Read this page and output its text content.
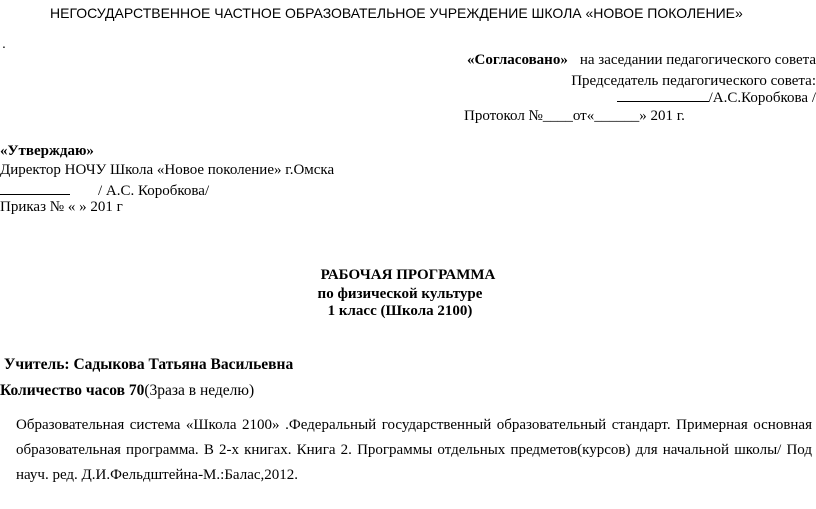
НЕГОСУДАРСТВЕННОЕ ЧАСТНОЕ ОБРАЗОВАТЕЛЬНОЕ УЧРЕЖДЕНИЕ ШКОЛА «НОВОЕ ПОКОЛЕНИЕ»
.
«Согласовано» на заседании педагогического совета
Председатель педагогического совета:
/А.С.Коробкова /
Протокол №____от«______» 201 г.
«Утверждаю»
Директор НОЧУ Школа «Новое поколение» г.Омска
/ А.С. Коробкова/
Приказ № « » 201 г
РАБОЧАЯ ПРОГРАММА
по физической культуре
1 класс (Школа 2100)
Учитель: Садыкова Татьяна Васильевна
Количество часов 70(3раза в неделю)
Образовательная система «Школа 2100» .Федеральный государственный образовательный стандарт. Примерная основная образовательная программа. В 2-х книгах. Книга 2. Программы отдельных предметов(курсов) для начальной школы/ Под науч. ред. Д.И.Фельдштейна-М.:Балас,2012.
